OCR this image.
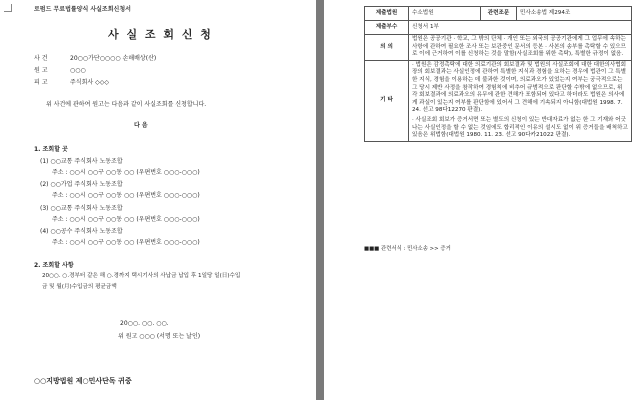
로펌드 무료법률양식 사실조회신청서
사 실 조 회 신 청
사 건	20○○가단○○○○ 손해배상(산)
원 고	○○○
피 고	주식회사 ◇◇◇
위 사건에 관하여 원고는 다음과 같이 사실조회를 신청합니다.
다 음
1. 조회할 곳
(1) ○○교통 주식회사 노동조합
주소 : ○○시 ○○구 ○○동 ○○ (우편번호 ○○○-○○○)
(2) ○○가업 주식회사 노동조합
주소 : ○○시 ○○구 ○○동 ○○ (우편번호 ○○○-○○○)
(3) ○○교통 주식회사 노동조합
주소 : ○○시 ○○구 ○○동 ○○ (우편번호 ○○○-○○○)
(4) ○○공수 주식회사 노동조합
주소 : ○○시 ○○구 ○○동 ○○ (우편번호 ○○○-○○○)
2. 조회할 사항
20○○. ○.경부터 같은 해 ○.경까지 택시기사의 사납금 납입 후 1일당 일(日)수입
금 및 월(月)수입금의 평균금액
20○○. ○○. ○○.
위 원고 ○○○ (서명 또는 날인)
○○지방법원 제○민사단독 귀중
제출법원	수소법원	관련조문	민사소송법 제294조
제출부수	신청서 1부		
의 의	법원은 공공기관 · 학교, 그 밖의 단체 · 개인 또는 외국의 공공기관에게 그 업무에 속하는 사항에 관하여 필요한 조사 또는 보관중인 문서의 등본 · 사본의 송부를 촉탁할 수 있으므로 이에 근거하여 이를 신청하는 것을 말함(사실조회를 위한 촉탁), 특별한 규정이 없음.		

기 타	· 법원은 감정촉탁에 대한 의료기관의 회보결과 및 법원의 사실조회에 대한 대한의사협회장의 회보결과는 사실인정에 관하여 특별한 지식과 경험을 요하는 경우에 법관이 그 특별한 지식, 경험을 이용하는 데 불과한 것이며, 의료과오가 있었는지 여부는 궁극적으로는 그 당시 제반 사정을 참작하여 경험칙에 비추어 규범적으로 판단할 수밖에 없으므로, 위 각 회보결과에 의료과오의 유무에 관한 견해가 포함되어 있다고 하더라도 법원은 의사에게 과실이 있는지 여부를 판단함에 있어서 그 견해에 기속되지 아니함(대법원 1998. 7. 24. 선고 98다12270 판결).
· 사실조회 회보가 증거서면 또는 별도의 신청이 있는 반대자료가 없는 한 그 기재와 어긋나는 사실인정을 할 수 없는 것임에도 합리적인 이유의 설시도 없이 위 증거들을 배척하고 있음은 위법함(대법원 1980. 11. 23. 선고 90다카21022 판결).		
■■■ 관련서식 : 민사소송 >> 증거
